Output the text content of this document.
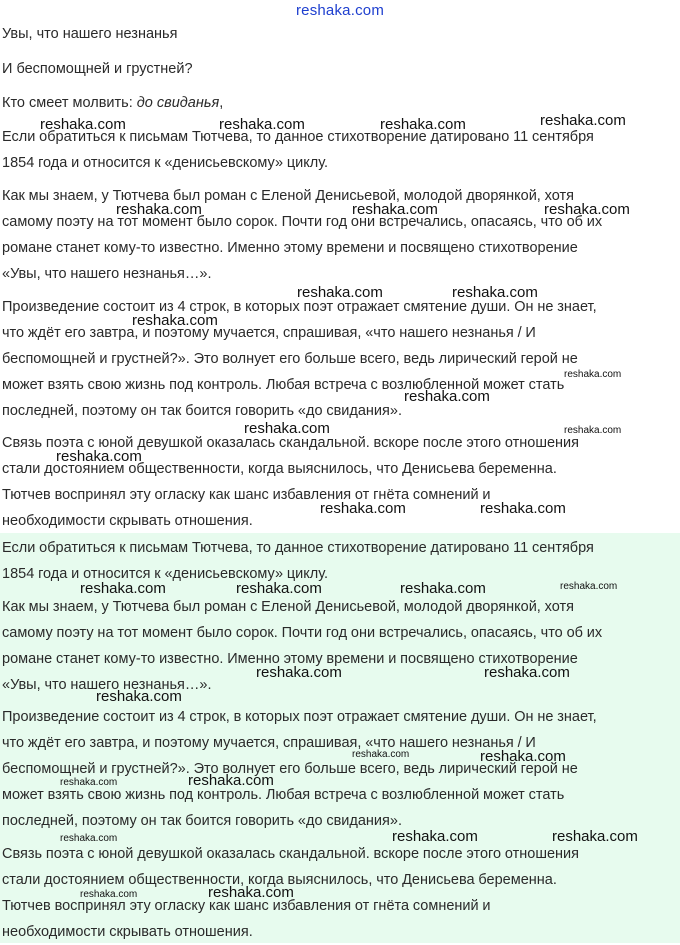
reshaka.com
Увы, что нашего незнанья
И беспомощней и грустней?
Кто смеет молвить: до свиданья,

Если обратиться к письмам Тютчева, то данное стихотворение датировано 11 сентября
1854 года и относится к «денисьевскому» циклу.

Как мы знаем, у Тютчева был роман с Еленой Денисьевой, молодой дворянкой, хотя
самому поэту на тот момент было сорок. Почти год они встречались, опасаясь, что об их
романе станет кому-то известно. Именно этому времени и посвящено стихотворение
«Увы, что нашего незнанья…».

Произведение состоит из 4 строк, в которых поэт отражает смятение души. Он не знает,
что ждёт его завтра, и поэтому мучается, спрашивая, «что нашего незнанья / И
беспомощней и грустней?». Это волнует его больше всего, ведь лирический герой не
может взять свою жизнь под контроль. Любая встреча с возлюбленной может стать
последней, поэтому он так боится говорить «до свидания».

Связь поэта с юной девушкой оказалась скандальной. вскоре после этого отношения
стали достоянием общественности, когда выяснилось, что Денисьева беременна.
Тютчев воспринял эту огласку как шанс избавления от гнёта сомнений и
необходимости скрывать отношения.

Если обратиться к письмам Тютчева, то данное стихотворение датировано 11 сентября
1854 года и относится к «денисьевскому» циклу.

Как мы знаем, у Тютчева был роман с Еленой Денисьевой, молодой дворянкой, хотя
самому поэту на тот момент было сорок. Почти год они встречались, опасаясь, что об их
романе станет кому-то известно. Именно этому времени и посвящено стихотворение
«Увы, что нашего незнанья…».

Произведение состоит из 4 строк, в которых поэт отражает смятение души. Он не знает,
что ждёт его завтра, и поэтому мучается, спрашивая, «что нашего незнанья / И
беспомощней и грустней?». Это волнует его больше всего, ведь лирический герой не
может взять свою жизнь под контроль. Любая встреча с возлюбленной может стать
последней, поэтому он так боится говорить «до свидания».

Связь поэта с юной девушкой оказалась скандальной. вскоре после этого отношения
стали достоянием общественности, когда выяснилось, что Денисьева беременна.
Тютчев воспринял эту огласку как шанс избавления от гнёта сомнений и
необходимости скрывать отношения.

reshaka.com	reshaka.com	reshaka.com	reshaka.com
reshaka.com	reshaka.com	reshaka.com
reshaka.com	reshaka.com
reshaka.com
reshaka.com
reshaka.com
reshaka.com	reshaka.com
reshaka.com
reshaka.com	reshaka.com
reshaka.com	reshaka.com	reshaka.com	reshaka.com
reshaka.com	reshaka.com
reshaka.com
reshaka.com	reshaka.com
reshaka.com	reshaka.com
reshaka.com	reshaka.com	reshaka.com
reshaka.com	reshaka.com
